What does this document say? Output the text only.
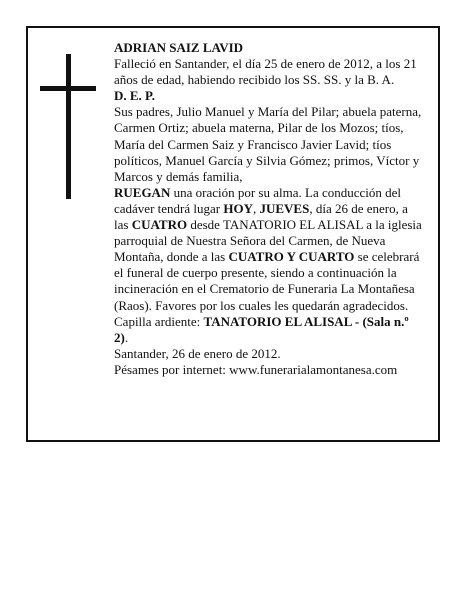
ADRIAN SAIZ LAVID

Falleció en Santander, el día 25 de enero de 2012, a los 21 años de edad, habiendo recibido los SS. SS. y la B. A.

D. E. P.

Sus padres, Julio Manuel y María del Pilar; abuela paterna, Carmen Ortiz; abuela materna, Pilar de los Mozos; tíos, María del Carmen Saiz y Francisco Javier Lavid; tíos políticos, Manuel García y Silvia Gómez; primos, Víctor y Marcos y demás familia,

RUEGAN una oración por su alma. La conducción del cadáver tendrá lugar HOY, JUEVES, día 26 de enero, a las CUATRO desde TANATORIO EL ALISAL a la iglesia parroquial de Nuestra Señora del Carmen, de Nueva Montaña, donde a las CUATRO Y CUARTO se celebrará el funeral de cuerpo presente, siendo a continuación la incineración en el Crematorio de Funeraria La Montañesa (Raos). Favores por los cuales les quedarán agradecidos.

Capilla ardiente: TANATORIO EL ALISAL - (Sala n.º 2).

Santander, 26 de enero de 2012.

Pésames por internet: www.funerarialamontanesa.com
